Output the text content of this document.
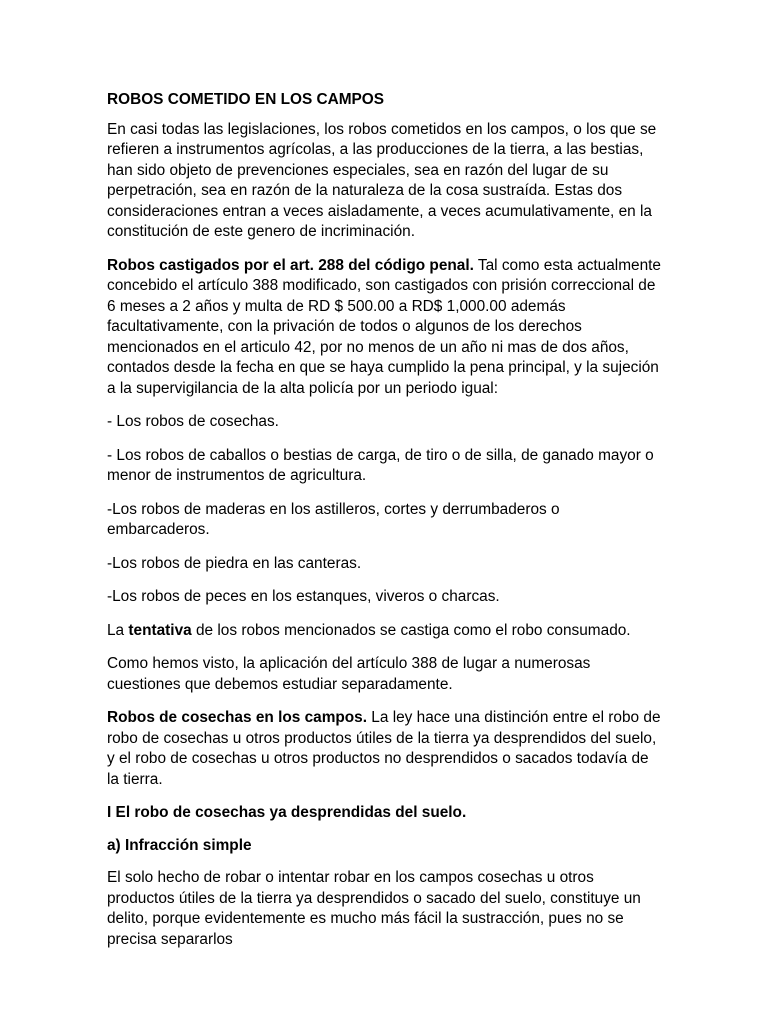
ROBOS COMETIDO EN LOS CAMPOS

En casi todas las legislaciones, los robos cometidos en los campos, o los que se refieren a instrumentos agrícolas, a las producciones de la tierra, a las bestias, han sido objeto de prevenciones especiales, sea en razón del lugar de su perpetración, sea en razón de la naturaleza de la cosa sustraída. Estas dos consideraciones entran a veces aisladamente, a veces acumulativamente, en la constitución de este genero de incriminación.

Robos castigados por el art. 288 del código penal. Tal como esta actualmente concebido el artículo 388 modificado, son castigados con prisión correccional de 6 meses a 2 años y multa de RD $ 500.00 a RD$ 1,000.00 además facultativamente, con la privación de todos o algunos de los derechos mencionados en el articulo 42, por no menos de un año ni mas de dos años, contados desde la fecha en que se haya cumplido la pena principal, y la sujeción a la supervigilancia de la alta policía por un periodo igual:

- Los robos de cosechas.

- Los robos de caballos o bestias de carga, de tiro o de silla, de ganado mayor o menor de instrumentos de agricultura.

-Los robos de maderas en los astilleros, cortes y derrumbaderos o embarcaderos.

-Los robos de piedra en las canteras.

-Los robos de peces en los estanques, viveros o charcas.

La tentativa de los robos mencionados se castiga como el robo consumado.

Como hemos visto, la aplicación del artículo 388 de lugar a numerosas cuestiones que debemos estudiar separadamente.

Robos de cosechas en los campos. La ley hace una distinción entre el robo de robo de cosechas u otros productos útiles de la tierra ya desprendidos del suelo, y el robo de cosechas u otros productos no desprendidos o sacados todavía de la tierra.

I El robo de cosechas ya desprendidas del suelo.

a) Infracción simple

El solo hecho de robar o intentar robar en los campos cosechas u otros productos útiles de la tierra ya desprendidos o sacado del suelo, constituye un delito, porque evidentemente es mucho más fácil la sustracción, pues no se precisa separarlos
